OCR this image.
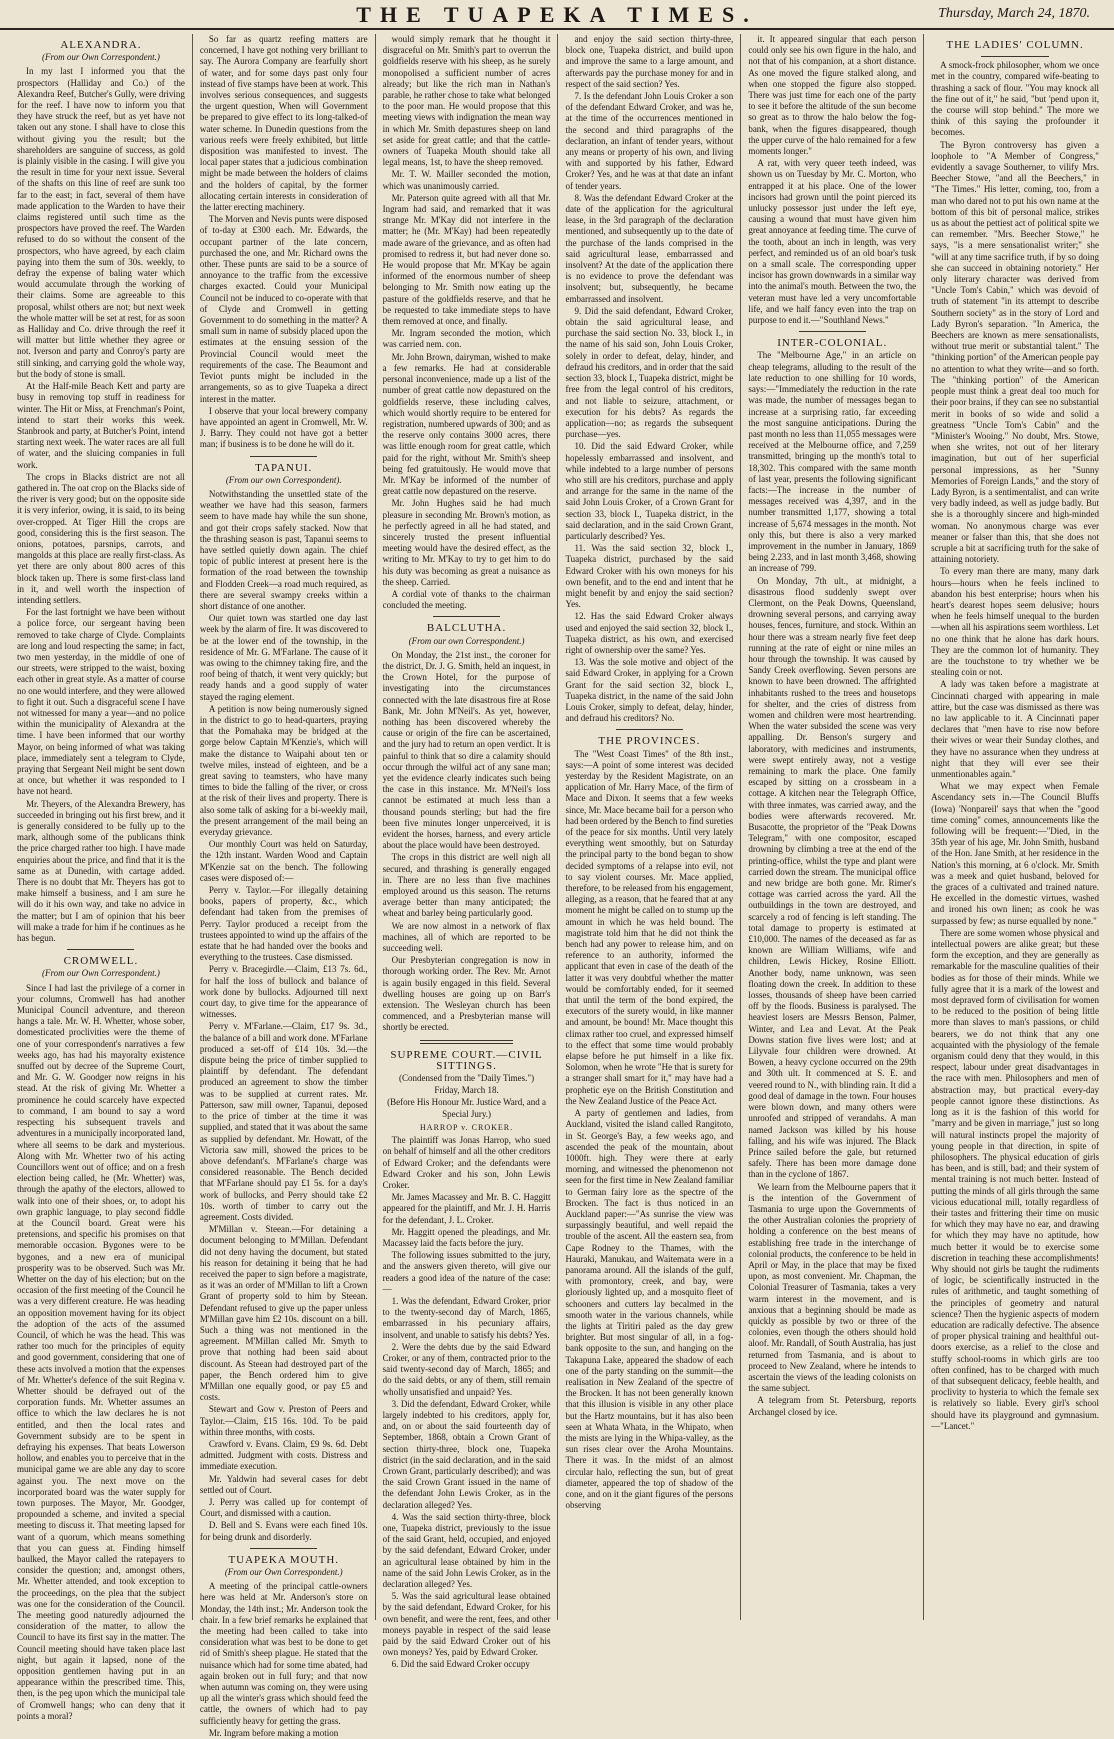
THE TUAPEKA TIMES.	Thursday, March 24, 1870.
ALEXANDRA.
(From our Own Correspondent.)

In my last I informed you that the prospectors (Halliday and Co.) of the Alexandra Reef, Butcher's Gully, were driving for the reef. I have now to inform you that they have struck the reef, but as yet have not taken out any stone. I shall have to close this without giving you the result; but the shareholders are sanguine of success, as gold is plainly visible in the casing. I will give you the result in time for your next issue. Several of the shafts on this line of reef are sunk too far to the east; in fact, several of them have made application to the Warden to have their claims registered until such time as the prospectors have proved the reef. The Warden refused to do so without the consent of the prospectors, who have agreed, by each claim paying into them the sum of 30s. weekly, to defray the expense of baling water which would accumulate through the working of their claims. Some are agreeable to this proposal, whilst others are not; but next week the whole matter will be set at rest, for as soon as Halliday and Co. drive through the reef it will matter but little whether they agree or not. Iverson and party and Conroy's party are still sinking, and carrying gold the whole way, but the body of stone is small.

At the Half-mile Beach Kett and party are busy in removing top stuff in readiness for winter. The Hit or Miss, at Frenchman's Point, intend to start their works this week. Stanbrook and party, at Butcher's Point, intend starting next week. The water races are all full of water, and the sluicing companies in full work.

The crops in Blacks district are not all gathered in. The oat crop on the Blacks side of the river is very good; but on the opposite side it is very inferior, owing, it is said, to its being over-cropped. At Tiger Hill the crops are good, considering this is the first season. The onions, potatoes, parsnips, carrots, and mangolds at this place are really first-class. As yet there are only about 800 acres of this block taken up. There is some first-class land in it, and well worth the inspection of intending settlers.

For the last fortnight we have been without a police force, our sergeant having been removed to take charge of Clyde. Complaints are long and loud respecting the same; in fact, two men yesterday, in the middle of one of our streets, were stripped to the waist, boxing each other in great style. As a matter of course no one would interfere, and they were allowed to fight it out. Such a disgraceful scene I have not witnessed for many a year—and no police within the municipality of Alexandra at the time. I have been informed that our worthy Mayor, on being informed of what was taking place, immediately sent a telegram to Clyde, praying that Sergeant Neil might be sent down at once, but whether it was responded to I have not heard.

Mr. Theyers, of the Alexandra Brewery, has succeeded in bringing out his first brew, and it is generally considered to be fully up to the mark, although some of the publicans think the price charged rather too high. I have made enquiries about the price, and find that it is the same as at Dunedin, with cartage added. There is no doubt that Mr. Theyers has got to make himself a business, and I am sure he will do it his own way, and take no advice in the matter; but I am of opinion that his beer will make a trade for him if he continues as he has begun.

CROMWELL.
(From our Own Correspondent.)

Since I had last the privilege of a corner in your columns, Cromwell has had another Municipal Council adventure, and thereon hangs a tale. Mr. W. H. Whetter, whose sober, domesticated proclivities were the theme of one of your correspondent's narratives a few weeks ago, has had his mayoralty existence snuffed out by decree of the Supreme Court, and Mr. G. W. Goodger now reigns in his stead. At the risk of giving Mr. Whetter a prominence he could scarcely have expected to command, I am bound to say a word respecting his subsequent travels and adventures in a municipally incorporated land, where all seems to be dark and mysterious. Along with Mr. Whetter two of his acting Councillors went out of office; and on a fresh election being called, he (Mr. Whetter) was, through the apathy of the electors, allowed to walk into one of their shoes, or, to adopt his own graphic language, to play second fiddle at the Council board. Great were his pretensions, and specific his promises on that memorable occasion. Bygones were to be bygones, and a new era of municipal prosperity was to be observed. Such was Mr. Whetter on the day of his election; but on the occasion of the first meeting of the Council he was a very different creature. He was heading an opposition movement having for its object the adoption of the acts of the assumed Council, of which he was the head. This was rather too much for the principles of equity and good government, considering that one of these acts involved a motion that the expenses of Mr. Whetter's defence of the suit Regina v. Whetter should be defrayed out of the corporation funds. Mr. Whetter assumes an office to which the law declares he is not entitled, and then the local rates and Government subsidy are to be spent in defraying his expenses. That beats Lowerson hollow, and enables you to perceive that in the municipal game we are able any day to score against you. The next move on the incorporated board was the water supply for town purposes. The Mayor, Mr. Goodger, propounded a scheme, and invited a special meeting to discuss it. That meeting lapsed for want of a quorum, which means something that you can guess at. Finding himself baulked, the Mayor called the ratepayers to consider the question; and, amongst others, Mr. Whetter attended, and took exception to the proceedings, on the plea that the subject was one for the consideration of the Council. The meeting good naturedly adjourned the consideration of the matter, to allow the Council to have its first say in the matter. The Council meeting should have taken place last night, but again it lapsed, none of the opposition gentlemen having put in an appearance within the prescribed time. This, then, is the peg upon which the municipal tale of Cromwell hangs; who can deny that it points a moral?

So far as quartz reefing matters are concerned, I have got nothing very brilliant to say. The Aurora Company are fearfully short of water, and for some days past only four instead of five stamps have been at work. This involves serious consequences, and suggests the urgent question, When will Government be prepared to give effect to its long-talked-of water scheme. In Dunedin questions from the various reefs were freely exhibited, but little disposition was manifested to invest. The local paper states that a judicious combination might be made between the holders of claims and the holders of capital, by the former allocating certain interests in consideration of the latter erecting machinery.

The Morven and Nevis punts were disposed of to-day at £300 each. Mr. Edwards, the occupant partner of the late concern, purchased the one, and Mr. Richard owns the other. These punts are said to be a source of annoyance to the traffic from the excessive charges exacted. Could your Municipal Council not be induced to co-operate with that of Clyde and Cromwell in getting Government to do something in the matter? A small sum in name of subsidy placed upon the estimates at the ensuing session of the Provincial Council would meet the requirements of the case. The Beaumont and Teviot punts might be included in the arrangements, so as to give Tuapeka a direct interest in the matter.

I observe that your local brewery company have appointed an agent in Cromwell, Mr. W. J. Barry. They could not have got a better man; if business is to be done he will do it.

TAPANUI.
(From our own Correspondent).

Notwithstanding the unsettled state of the weather we have had this season, farmers seem to have made hay while the sun shone, and got their crops safely stacked. Now that the thrashing season is past, Tapanui seems to have settled quietly down again. The chief topic of public interest at present here is the formation of the road between the township and Flodden Creek—a road much required, as there are several swampy creeks within a short distance of one another.

Our quiet town was startled one day last week by the alarm of fire. It was discovered to be at the lower end of the township, in the residence of Mr. G. M'Farlane. The cause of it was owing to the chimney taking fire, and the roof being of thatch, it went very quickly; but ready hands and a good supply of water stayed the raging element.

A petition is now being numerously signed in the district to go to head-quarters, praying that the Pomahaka may be bridged at the gorge below Captain M'Kenzie's, which will make the distance to Waipahi about ten or twelve miles, instead of eighteen, and be a great saving to teamsters, who have many times to bide the falling of the river, or cross at the risk of their lives and property. There is also some talk of asking for a bi-weekly mail, the present arrangement of the mail being an everyday grievance.

Our monthly Court was held on Saturday, the 12th instant. Warden Wood and Captain M'Kenzie sat on the bench. The following cases were disposed of:—

Perry v. Taylor.—For illegally detaining books, papers of property, &c., which defendant had taken from the premises of Perry. Taylor produced a receipt from the trustees appointed to wind up the affairs of the estate that he had handed over the books and everything to the trustees. Case dismissed.

Perry v. Bracegirdle.—Claim, £13 7s. 6d., for half the loss of bullock and balance of work done by bullocks. Adjourned till next court day, to give time for the appearance of witnesses.

Perry v. M'Farlane.—Claim, £17 9s. 3d., the balance of a bill and work done. M'Farlane produced a set-off of £14 10s. 3d.—the dispute being the price of timber supplied to plaintiff by defendant. The defendant produced an agreement to show the timber was to be supplied at current rates. Mr. Patterson, saw mill owner, Tapanui, deposed to the price of timber at the time it was supplied, and stated that it was about the same as supplied by defendant. Mr. Howatt, of the Victoria saw mill, showed the prices to be above defendant's. M'Farlane's charge was considered reasonable. The Bench decided that M'Farlane should pay £1 5s. for a day's work of bullocks, and Perry should take £2 10s. worth of timber to carry out the agreement. Costs divided.

M'Millan v. Steean.—For detaining a document belonging to M'Millan. Defendant did not deny having the document, but stated his reason for detaining it being that he had received the paper to sign before a magistrate, as it was an order of M'Millan to lift a Crown Grant of property sold to him by Steean. Defendant refused to give up the paper unless M'Millan gave him £2 10s. discount on a bill. Such a thing was not mentioned in the agreement. M'Millan called Mr. Smyth to prove that nothing had been said about discount. As Steean had destroyed part of the paper, the Bench ordered him to give M'Millan one equally good, or pay £5 and costs.

Stewart and Gow v. Preston of Peers and Taylor.—Claim, £15 16s. 10d. To be paid within three months, with costs.

Crawford v. Evans. Claim, £9 9s. 6d. Debt admitted. Judgment with costs. Distress and immediate execution.

Mr. Yaldwin had several cases for debt settled out of Court.

J. Perry was called up for contempt of Court, and dismissed with a caution.

D. Bell and S. Evans were each fined 10s. for being drunk and disorderly.

TUAPEKA MOUTH.
(From our Own Correspondent.)

A meeting of the principal cattle-owners here was held at Mr. Anderson's store on Monday, the 14th inst.; Mr. Anderson took the chair. In a few brief remarks he explained that the meeting had been called to take into consideration what was best to be done to get rid of Smith's sheep plague. He stated that the nuisance which had for some time abated, had again broken out in full fury; and that now when autumn was coming on, they were using up all the winter's grass which should feed the cattle, the owners of which had to pay sufficiently heavy for getting the grass.

Mr. Ingram before making a motion

would simply remark that he thought it disgraceful on Mr. Smith's part to overrun the goldfields reserve with his sheep, as he surely monopolised a sufficient number of acres already; but like the rich man in Nathan's parable, he rather chose to take what belonged to the poor man. He would propose that this meeting views with indignation the mean way in which Mr. Smith depastures sheep on land set aside for great cattle; and that the cattle-owners of Tuapeka Mouth should take all legal means, 1st, to have the sheep removed.

Mr. T. W. Mailler seconded the motion, which was unanimously carried.

Mr. Paterson quite agreed with all that Mr. Ingram had said, and remarked that it was strange Mr. M'Kay did not interfere in the matter; he (Mr. M'Kay) had been repeatedly made aware of the grievance, and as often had promised to redress it, but had never done so. He would propose that Mr. M'Kay be again informed of the enormous number of sheep belonging to Mr. Smith now eating up the pasture of the goldfields reserve, and that he be requested to take immediate steps to have them removed at once, and finally.

Mr. Ingram seconded the motion, which was carried nem. con.

Mr. John Brown, dairyman, wished to make a few remarks. He had at considerable personal inconvenience, made up a list of the number of great cattle now depastured on the goldfields reserve, these including calves, which would shortly require to be entered for registration, numbered upwards of 300; and as the reserve only contains 3000 acres, there was little enough room for great cattle, which paid for the right, without Mr. Smith's sheep being fed gratuitously. He would move that Mr. M'Kay be informed of the number of great cattle now depastured on the reserve.

Mr. John Hughes said he had much pleasure in seconding Mr. Brown's motion, as he perfectly agreed in all he had stated, and sincerely trusted the present influential meeting would have the desired effect, as the writing to Mr. M'Kay to try to get him to do his duty was becoming as great a nuisance as the sheep. Carried.

A cordial vote of thanks to the chairman concluded the meeting.

BALCLUTHA.
(From our own Correspondent.)

On Monday, the 21st inst., the coroner for the district, Dr. J. G. Smith, held an inquest, in the Crown Hotel, for the purpose of investigating into the circumstances connected with the late disastrous fire at Rose Bank, Mr. John M'Neil's. As yet, however, nothing has been discovered whereby the cause or origin of the fire can be ascertained, and the jury had to return an open verdict. It is painful to think that so dire a calamity should occur through the wilful act of any sane man; yet the evidence clearly indicates such being the case in this instance. Mr. M'Neil's loss cannot be estimated at much less than a thousand pounds sterling; but had the fire been five minutes longer unperceived, it is evident the horses, harness, and every article about the place would have been destroyed.

The crops in this district are well nigh all secured, and thrashing is generally engaged in. There are no less than five machines employed around us this season. The returns average better than many anticipated; the wheat and barley being particularly good.

We are now almost in a network of flax machines, all of which are reported to be succeeding well.

Our Presbyterian congregation is now in thorough working order. The Rev. Mr. Arnot is again busily engaged in this field. Several dwelling houses are going up on Barr's extension. The Wesleyan church has been commenced, and a Presbyterian manse will shortly be erected.

SUPREME COURT.—CIVIL SITTINGS.
(Condensed from the "Daily Times.")
Friday, March 18.
(Before His Honour Mr. Justice Ward, and a Special Jury.)
HARROP v. CROKER.

The plaintiff was Jonas Harrop, who sued on behalf of himself and all the other creditors of Edward Croker; and the defendants were Edward Croker and his son, John Lewis Croker.

Mr. James Macassey and Mr. B. C. Haggitt appeared for the plaintiff, and Mr. J. H. Harris for the defendant, J. L. Croker.

Mr. Haggitt opened the pleadings, and Mr. Macassey laid the facts before the jury.

The following issues submitted to the jury, and the answers given thereto, will give our readers a good idea of the nature of the case:—

1. Was the defendant, Edward Croker, prior to the twenty-second day of March, 1865, embarrassed in his pecuniary affairs, insolvent, and unable to satisfy his debts? Yes.

2. Were the debts due by the said Edward Croker, or any of them, contracted prior to the said twenty-second day of March, 1865; and do the said debts, or any of them, still remain wholly unsatisfied and unpaid? Yes.

3. Did the defendant, Edward Croker, while largely indebted to his creditors, apply for, and, on or about the said fourteenth day of September, 1868, obtain a Crown Grant of section thirty-three, block one, Tuapeka district (in the said declaration, and in the said Crown Grant, particularly described); and was the said Crown Grant issued in the name of the defendant John Lewis Croker, as in the declaration alleged? Yes.

4. Was the said section thirty-three, block one, Tuapeka district, previously to the issue of the said Grant, held, occupied, and enjoyed by the said defendant, Edward Croker, under an agricultural lease obtained by him in the name of the said John Lewis Croker, as in the declaration alleged? Yes.

5. Was the said agricultural lease obtained by the said defendant, Edward Croker, for his own benefit, and were the rent, fees, and other moneys payable in respect of the said lease paid by the said Edward Croker out of his own moneys? Yes, paid by Edward Croker.

6. Did the said Edward Croker occupy

and enjoy the said section thirty-three, block one, Tuapeka district, and build upon and improve the same to a large amount, and afterwards pay the purchase money for and in respect of the said section? Yes.

7. Is the defendant John Louis Croker a son of the defendant Edward Croker, and was he, at the time of the occurrences mentioned in the second and third paragraphs of the declaration, an infant of tender years, without any means or property of his own, and living with and supported by his father, Edward Croker? Yes, and he was at that date an infant of tender years.

8. Was the defendant Edward Croker at the date of the application for the agricultural lease, in the 3rd paragraph of the declaration mentioned, and subsequently up to the date of the purchase of the lands comprised in the said agricultural lease, embarrassed and insolvent? At the date of the application there is no evidence to prove the defendant was insolvent; but, subsequently, he became embarrassed and insolvent.

9. Did the said defendant, Edward Croker, obtain the said agricultural lease, and purchase the said section No. 33, block I., in the name of his said son, John Louis Croker, solely in order to defeat, delay, hinder, and defraud his creditors, and in order that the said section 33, block I., Tuapeka district, might be free from the legal control of his creditors, and not liable to seizure, attachment, or execution for his debts? As regards the application—no; as regards the subsequent purchase—yes.

10. Did the said Edward Croker, while hopelessly embarrassed and insolvent, and while indebted to a large number of persons who still are his creditors, purchase and apply and arrange for the same in the name of the said John Louis Croker, of a Crown Grant for section 33, block I., Tuapeka district, in the said declaration, and in the said Crown Grant, particularly described? Yes.

11. Was the said section 32, block I., Tuapeka district, purchased by the said Edward Croker with his own moneys for his own benefit, and to the end and intent that he might benefit by and enjoy the said section? Yes.

12. Has the said Edward Croker always used and enjoyed the said section 32, block I., Tuapeka district, as his own, and exercised right of ownership over the same? Yes.

13. Was the sole motive and object of the said Edward Croker, in applying for a Crown Grant for the said section 32, block I., Tuapeka district, in the name of the said John Louis Croker, simply to defeat, delay, hinder, and defraud his creditors? No.

THE PROVINCES.

The "West Coast Times" of the 8th inst., says:—A point of some interest was decided yesterday by the Resident Magistrate, on an application of Mr. Harry Mace, of the firm of Mace and Dixon. It seems that a few weeks since, Mr. Mace became bail for a person who had been ordered by the Bench to find sureties of the peace for six months. Until very lately everything went smoothly, but on Saturday the principal party to the bond began to show decided symptoms of a relapse into evil, not to say violent courses. Mr. Mace applied, therefore, to be released from his engagement, alleging, as a reason, that he feared that at any moment he might be called on to stump up the amount in which he was held bound. The magistrate told him that he did not think the bench had any power to release him, and on reference to an authority, informed the applicant that even in case of the death of the latter it was very doubtful whether the matter would be comfortably ended, for it seemed that until the term of the bond expired, the executors of the surety would, in like manner and amount, be bound! Mr. Mace thought this climax rather too cruel, and expressed himself to the effect that some time would probably elapse before he put himself in a like fix. Solomon, when he wrote "He that is surety for a stranger shall smart for it," may have had a prophetic eye on the British Constitution and the New Zealand Justice of the Peace Act.

A party of gentlemen and ladies, from Auckland, visited the island called Rangitoto, in St. George's Bay, a few weeks ago, and ascended the peak of the mountain, about 1000ft. high. They were there at early morning, and witnessed the phenomenon not seen for the first time in New Zealand familiar to German fairy lore as the spectre of the Brocken. The fact is thus noticed in an Auckland paper:—"As sunrise the view was surpassingly beautiful, and well repaid the trouble of the ascent. All the eastern sea, from Cape Rodney to the Thames, with the Hauraki, Manukau, and Waitemata were in a panorama around. All the islands of the gulf, with promontory, creek, and bay, were gloriously lighted up, and a mosquito fleet of schooners and cutters lay becalmed in the smooth water in the various channels, while the lights at Tiritiri paled as the day grew brighter. But most singular of all, in a fog-bank opposite to the sun, and hanging on the Takapuna Lake, appeared the shadow of each one of the party standing on the summit—the realisation in New Zealand of the spectre of the Brocken. It has not been generally known that this illusion is visible in any other place but the Hartz mountains, but it has also been seen at Whata Whata, in the Whipato, when the mists are lying in the Whipa-valley, as the sun rises clear over the Aroha Mountains. There it was. In the midst of an almost circular halo, reflecting the sun, but of great diameter, appeared the top of shadow of the cone, and on it the giant figures of the persons observing

it. It appeared singular that each person could only see his own figure in the halo, and not that of his companion, at a short distance. As one moved the figure stalked along, and when one stopped the figure also stopped. There was just time for each one of the party to see it before the altitude of the sun become so great as to throw the halo below the fog-bank, when the figures disappeared, though the upper curve of the halo remained for a few moments longer."

A rat, with very queer teeth indeed, was shown us on Tuesday by Mr. C. Morton, who entrapped it at his place. One of the lower incisors had grown until the point pierced its unlucky possessor just under the left eye, causing a wound that must have given him great annoyance at feeding time. The curve of the tooth, about an inch in length, was very perfect, and reminded us of an old boar's tusk on a small scale. The corresponding upper incisor has grown downwards in a similar way into the animal's mouth. Between the two, the veteran must have led a very uncomfortable life, and we half fancy even into the trap on purpose to end it.—"Southland News."

INTER-COLONIAL.

The "Melbourne Age," in an article on cheap telegrams, alluding to the result of the late reduction to one shilling for 10 words, says:—"Immediately the reduction in the rate was made, the number of messages began to increase at a surprising ratio, far exceeding the most sanguine anticipations. During the past month no less than 11,055 messages were received at the Melbourne office, and 7,259 transmitted, bringing up the month's total to 18,302. This compared with the same month of last year, presents the following significant facts:—The increase in the number of messages received was 4,397, and in the number transmitted 1,177, showing a total increase of 5,674 messages in the month. Not only this, but there is also a very marked improvement in the number in January, 1869 being 2.233, and in last month 3,468, showing an increase of 799.

On Monday, 7th ult., at midnight, a disastrous flood suddenly swept over Clermont, on the Peak Downs, Queensland, drowning several persons, and carrying away houses, fences, furniture, and stock. Within an hour there was a stream nearly five feet deep running at the rate of eight or nine miles an hour through the township. It was caused by Sandy Creek overflowing. Seven persons are known to have been drowned. The affrighted inhabitants rushed to the trees and housetops for shelter, and the cries of distress from women and children were most heartrending. When the water subsided the scene was very appalling. Dr. Benson's surgery and laboratory, with medicines and instruments, were swept entirely away, not a vestige remaining to mark the place. One family escaped by sitting on a crossbeam in a cottage. A kitchen near the Telegraph Office, with three inmates, was carried away, and the bodies were afterwards recovered. Mr. Busacotte, the proprietor of the "Peak Downs Telegram," with one compositor, escaped drowning by climbing a tree at the end of the printing-office, whilst the type and plant were carried down the stream. The municipal office and new bridge are both gone. Mr. Rimer's cottage was carried across the yard. All the outbuildings in the town are destroyed, and scarcely a rod of fencing is left standing. The total damage to property is estimated at £10,000. The names of the deceased as far as known are William Williams, wife and children, Lewis Hickey, Rosine Elliott. Another body, name unknown, was seen floating down the creek. In addition to these losses, thousands of sheep have been carried off by the floods. Business is paralysed. The heaviest losers are Messrs Benson, Palmer, Winter, and Lea and Levat. At the Peak Downs station five lives were lost; and at Lilyvale four children were drowned. At Bowen, a heavy cyclone occurred on the 29th and 30th ult. It commenced at S. E. and veered round to N., with blinding rain. It did a good deal of damage in the town. Four houses were blown down, and many others were unroofed and stripped of verandahs. A man named Jackson was killed by his house falling, and his wife was injured. The Black Prince sailed before the gale, but returned safely. There has been more damage done than in the cyclone of 1867.

We learn from the Melbourne papers that it is the intention of the Government of Tasmania to urge upon the Governments of the other Australian colonies the propriety of holding a conference on the best means of establishing free trade in the interchange of colonial products, the conference to be held in April or May, in the place that may be fixed upon, as most convenient. Mr. Chapman, the Colonial Treasurer of Tasmania, takes a very warm interest in the movement, and is anxious that a beginning should be made as quickly as possible by two or three of the colonies, even though the others should hold aloof. Mr. Randall, of South Australia, has just returned from Tasmania, and is about to proceed to New Zealand, where he intends to ascertain the views of the leading colonists on the same subject.

A telegram from St. Petersburg, reports Archangel closed by ice.

THE LADIES' COLUMN.

A smock-frock philosopher, whom we once met in the country, compared wife-beating to thrashing a sack of flour. "You may knock all the fine out of it," he said, "but 'pend upon it, the course will stop behind." The more we think of this saying the profounder it becomes.

The Byron controversy has given a loophole to "A Member of Congress," evidently a savage Southerner, to vilify Mrs. Beecher Stowe, "and all the Beechers," in "The Times." His letter, coming, too, from a man who dared not to put his own name at the bottom of this bit of personal malice, strikes us as about the pettiest act of political spite we can remember. "Mrs. Beecher Stowe," he says, "is a mere sensationalist writer;" she "will at any time sacrifice truth, if by so doing she can succeed in obtaining notoriety." Her only literary character was derived from "Uncle Tom's Cabin," which was devoid of truth of statement "in its attempt to describe Southern society" as in the story of Lord and Lady Byron's separation. "In America, the Beechers are known as mere sensationalists, without true merit or substantial talent." The "thinking portion" of the American people pay no attention to what they write—and so forth. The "thinking portion" of the American people must think a great deal too much for their poor brains, if they can see no substantial merit in books of so wide and solid a greatness "Uncle Tom's Cabin" and the "Minister's Wooing." No doubt, Mrs. Stowe, when she writes, not out of her literary imagination, but out of her superficial personal impressions, as her "Sunny Memories of Foreign Lands," and the story of Lady Byron, is a sentimentalist, and can write very badly indeed, as well as judge badly. But she is a thoroughly sincere and high-minded woman. No anonymous charge was ever meaner or falser than this, that she does not scruple a bit at sacrificing truth for the sake of attaining notoriety.

To every man there are many, many dark hours—hours when he feels inclined to abandon his best enterprise; hours when his heart's dearest hopes seem delusive; hours when he feels himself unequal to the burden—when all his aspirations seem worthless. Let no one think that he alone has dark hours. They are the common lot of humanity. They are the touchstone to try whether we be stealing coin or not.

A lady was taken before a magistrate at Cincinnati charged with appearing in male attire, but the case was dismissed as there was no law applicable to it. A Cincinnati paper declares that "men have to rise now before their wives or wear their Sunday clothes, and they have no assurance when they undress at night that they will ever see their unmentionables again."

What we may expect when Female Ascendancy sets in.—The Council Bluffs (Iowa) 'Nonpareil' says that when the "good time coming" comes, announcements like the following will be frequent:—"Died, in the 35th year of his age, Mr. John Smith, husband of the Hon. Jane Smith, at her residence in the Nation's this morning, at 6 o'clock. Mr. Smith was a meek and quiet husband, beloved for the graces of a cultivated and trained nature. He excelled in the domestic virtues, washed and ironed his own linen; as cook he was surpassed by few; as nurse equalled by none."

There are some women whose physical and intellectual powers are alike great; but these form the exception, and they are generally as remarkable for the masculine qualities of their bodies as for those of their minds. While we fully agree that it is a mark of the lowest and most depraved form of civilisation for women to be reduced to the position of being little more than slaves to man's passions, or child bearers, we do not think that any one acquainted with the physiology of the female organism could deny that they would, in this respect, labour under great disadvantages in the race with men. Philosophers and men of abstraction may, but practical every-day people cannot ignore these distinctions. As long as it is the fashion of this world for "marry and be given in marriage," just so long will natural instincts propel the majority of young people in that direction, in spite of philosophers. The physical education of girls has been, and is still, bad; and their system of mental training is not much better. Instead of putting the minds of all girls through the same vicious educational mill, totally regardless of their tastes and frittering their time on music for which they may have no ear, and drawing for which they may have no aptitude, how much better it would be to exercise some discretion in teaching these accomplishments! Why should not girls be taught the rudiments of logic, be scientifically instructed in the rules of arithmetic, and taught something of the principles of geometry and natural science? Then the hygienic aspects of modern education are radically defective. The absence of proper physical training and healthful out-doors exercise, as a relief to the close and stuffy school-rooms in which girls are too often confined, has to be charged with much of that subsequent delicacy, feeble health, and proclivity to hysteria to which the female sex is relatively so liable. Every girl's school should have its playground and gymnasium.—"Lancet."
